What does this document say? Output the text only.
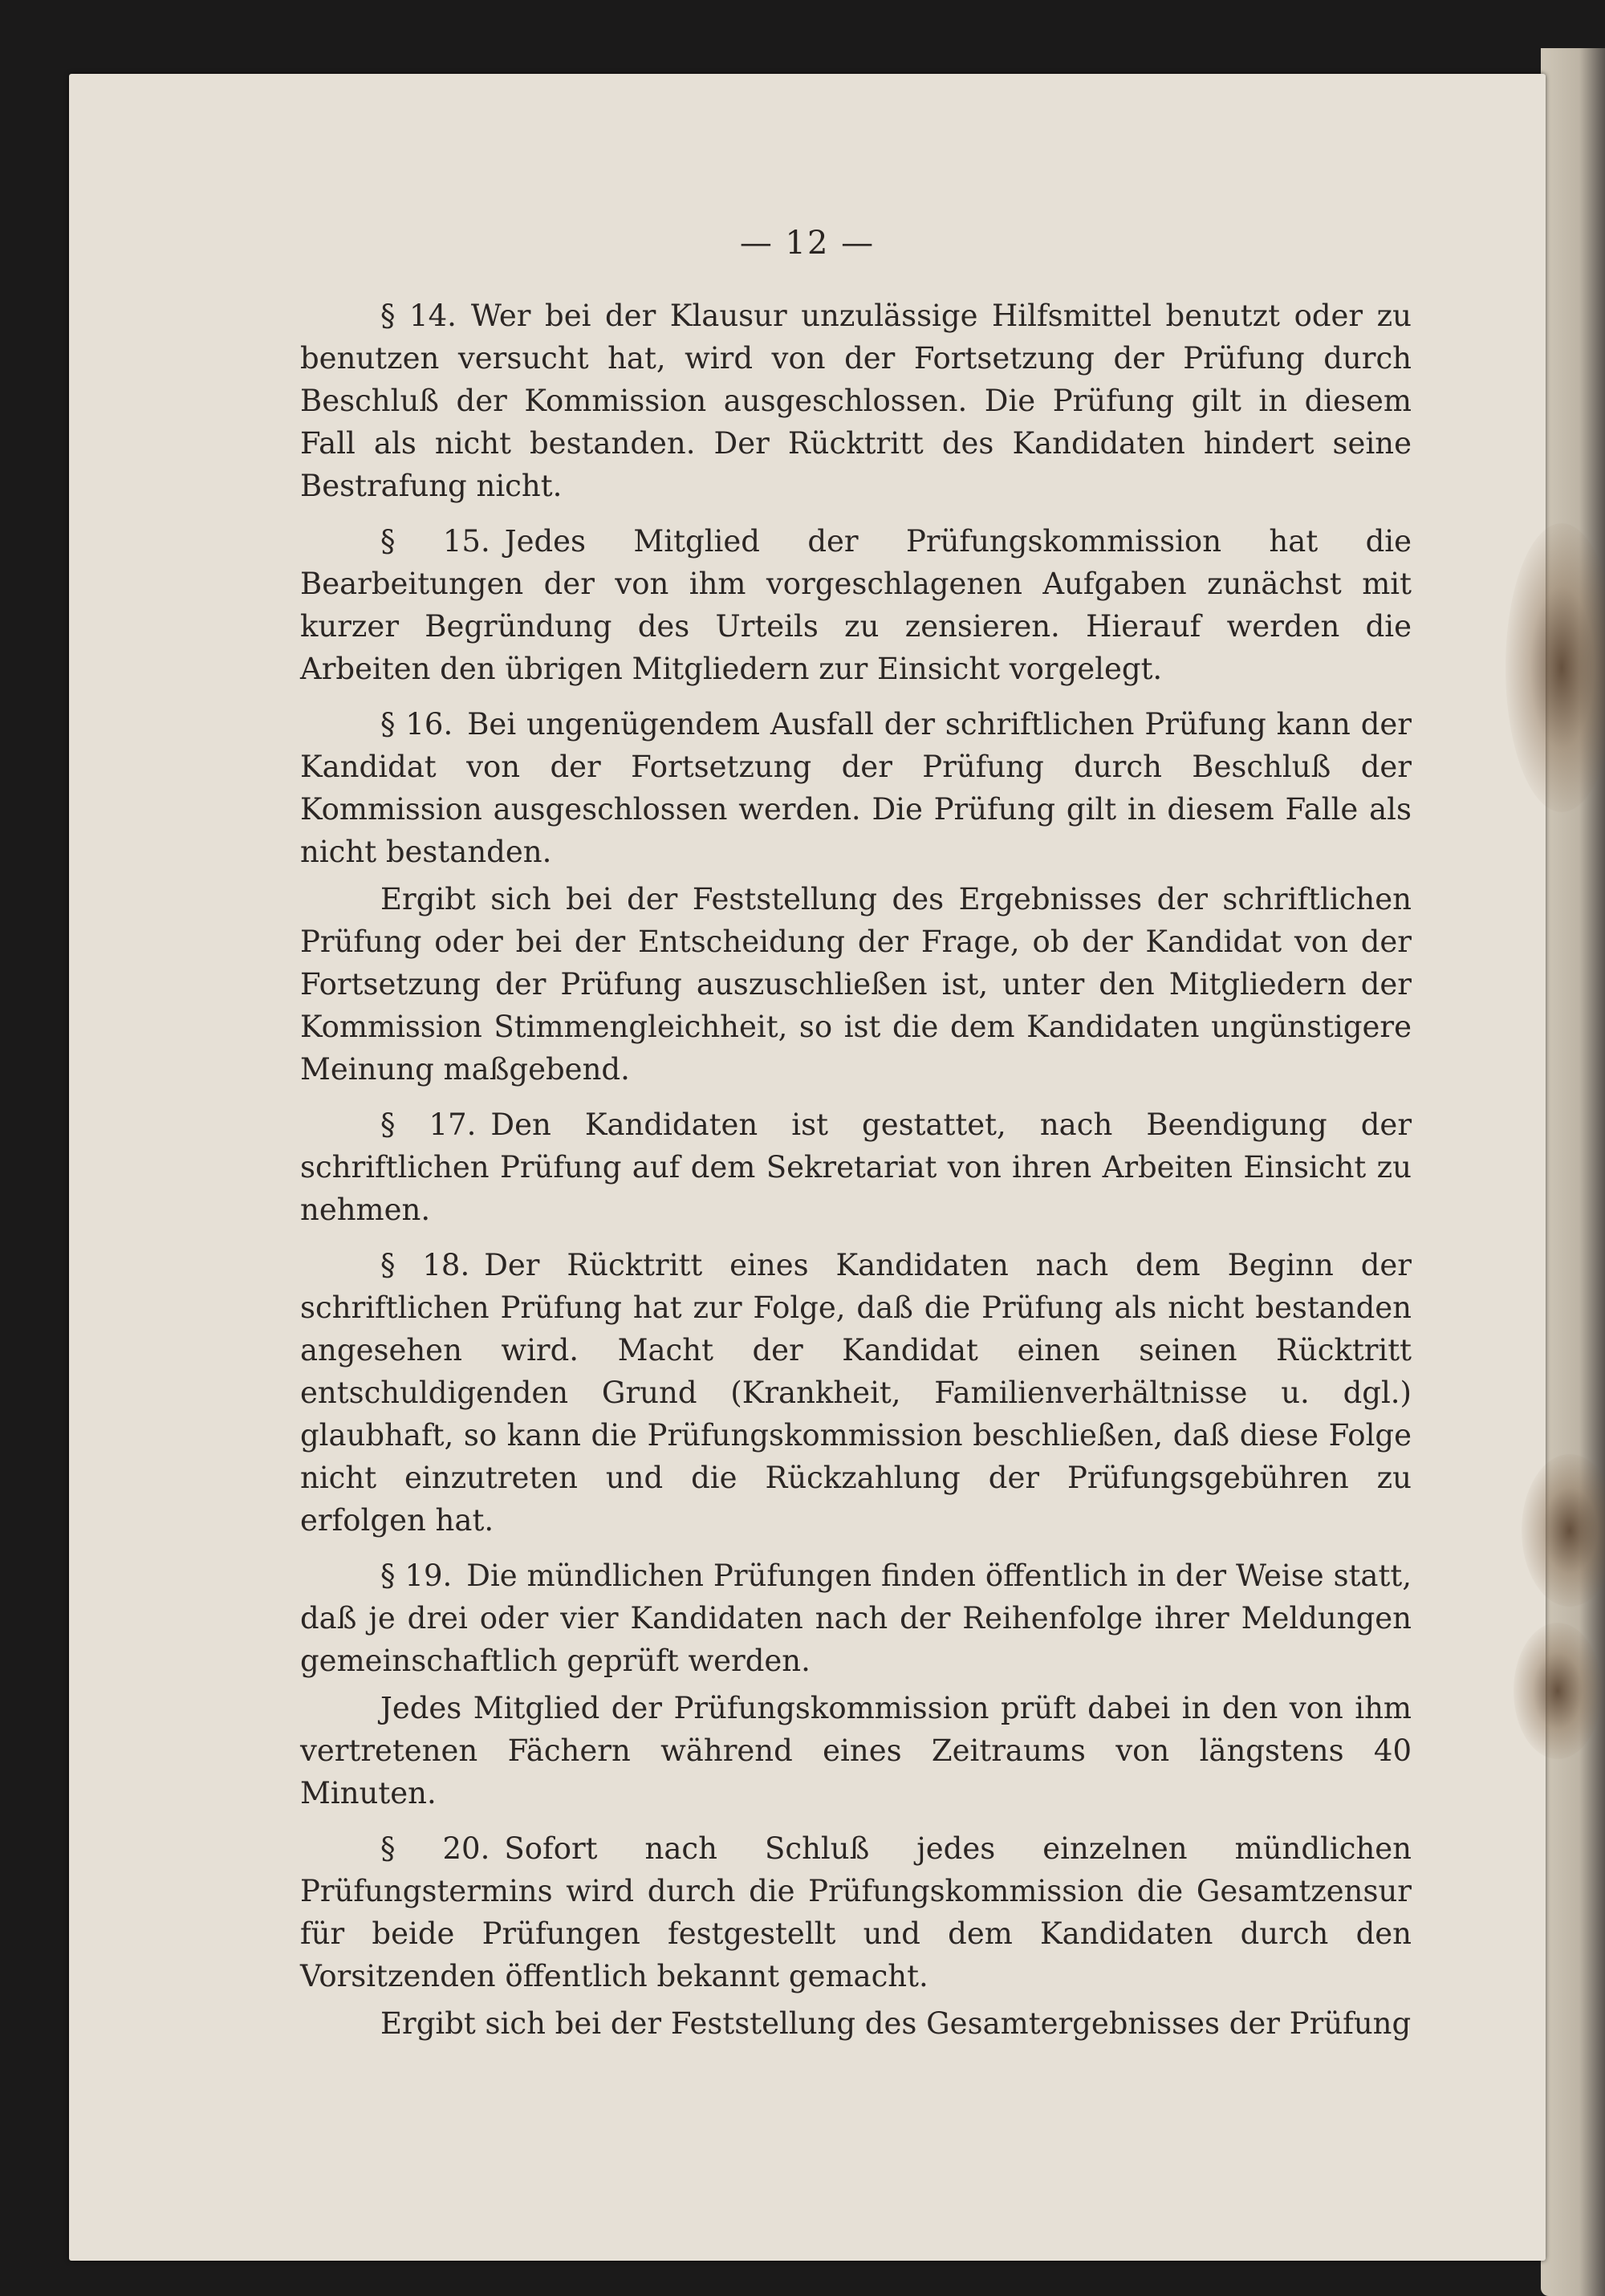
— 12 —

§ 14. Wer bei der Klausur unzulässige Hilfsmittel benutzt oder zu benutzen versucht hat, wird von der Fortsetzung der Prüfung durch Beschluß der Kommission ausgeschlossen. Die Prüfung gilt in diesem Fall als nicht bestanden. Der Rücktritt des Kandidaten hindert seine Bestrafung nicht.

§ 15. Jedes Mitglied der Prüfungskommission hat die Bearbeitungen der von ihm vorgeschlagenen Aufgaben zunächst mit kurzer Begründung des Urteils zu zensieren. Hierauf werden die Arbeiten den übrigen Mitgliedern zur Einsicht vorgelegt.

§ 16. Bei ungenügendem Ausfall der schriftlichen Prüfung kann der Kandidat von der Fortsetzung der Prüfung durch Beschluß der Kommission ausgeschlossen werden. Die Prüfung gilt in diesem Falle als nicht bestanden.

Ergibt sich bei der Feststellung des Ergebnisses der schriftlichen Prüfung oder bei der Entscheidung der Frage, ob der Kandidat von der Fortsetzung der Prüfung auszuschließen ist, unter den Mitgliedern der Kommission Stimmengleichheit, so ist die dem Kandidaten ungünstigere Meinung maßgebend.

§ 17. Den Kandidaten ist gestattet, nach Beendigung der schriftlichen Prüfung auf dem Sekretariat von ihren Arbeiten Einsicht zu nehmen.

§ 18. Der Rücktritt eines Kandidaten nach dem Beginn der schriftlichen Prüfung hat zur Folge, daß die Prüfung als nicht bestanden angesehen wird. Macht der Kandidat einen seinen Rücktritt entschuldigenden Grund (Krankheit, Familienverhältnisse u. dgl.) glaubhaft, so kann die Prüfungskommission beschließen, daß diese Folge nicht einzutreten und die Rückzahlung der Prüfungsgebühren zu erfolgen hat.

§ 19. Die mündlichen Prüfungen finden öffentlich in der Weise statt, daß je drei oder vier Kandidaten nach der Reihenfolge ihrer Meldungen gemeinschaftlich geprüft werden.

Jedes Mitglied der Prüfungskommission prüft dabei in den von ihm vertretenen Fächern während eines Zeitraums von längstens 40 Minuten.

§ 20. Sofort nach Schluß jedes einzelnen mündlichen Prüfungstermins wird durch die Prüfungskommission die Gesamtzensur für beide Prüfungen festgestellt und dem Kandidaten durch den Vorsitzenden öffentlich bekannt gemacht.

Ergibt sich bei der Feststellung des Gesamtergebnisses der Prüfung
